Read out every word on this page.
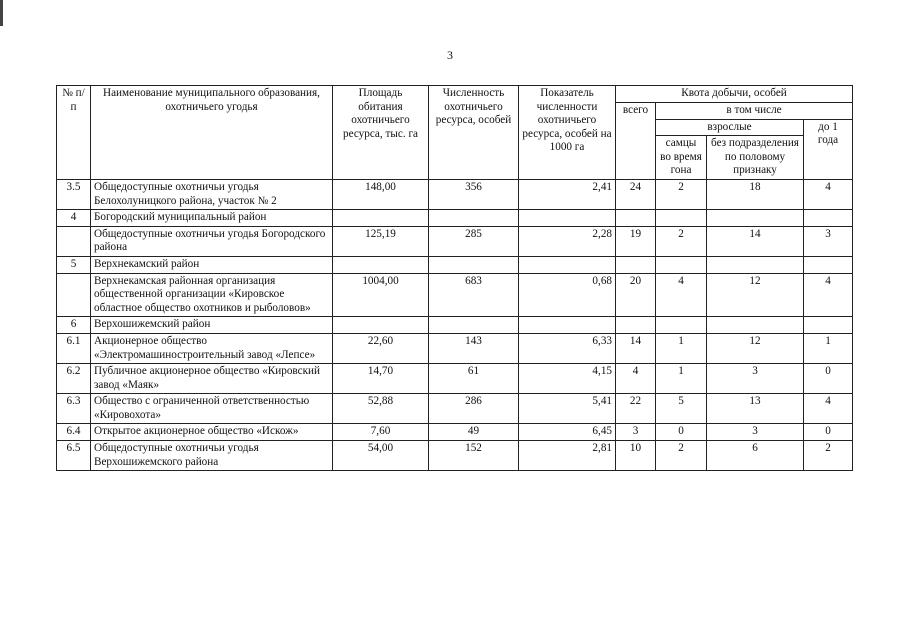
3
№ п/п	Наименование муниципального образования, охотничьего угодья	Площадь обитания охотничьего ресурса, тыс. га	Численность охотничьего ресурса, особей	Показатель численности охотничьего ресурса, особей на 1000 га	Квота добычи, особей			
					всего	в том числе		
						взрослые		до 1 года
						самцы во время гона	без подразделения по половому признаку	
3.5	Общедоступные охотничьи угодья Белохолуницкого района, участок № 2	148,00	356	2,41	24	2	18	4
4	Богородский муниципальный район							
	Общедоступные охотничьи угодья Богородского района	125,19	285	2,28	19	2	14	3
5	Верхнекамский район							
	Верхнекамская районная организация общественной организации «Кировское областное общество охотников и рыболовов»	1004,00	683	0,68	20	4	12	4
6	Верхошижемский район							
6.1	Акционерное общество «Электромашиностроительный завод «Лепсе»	22,60	143	6,33	14	1	12	1
6.2	Публичное акционерное общество «Кировский завод «Маяк»	14,70	61	4,15	4	1	3	0
6.3	Общество с ограниченной ответственностью «Кировохота»	52,88	286	5,41	22	5	13	4
6.4	Открытое акционерное общество «Искож»	7,60	49	6,45	3	0	3	0
6.5	Общедоступные охотничьи угодья Верхошижемского района	54,00	152	2,81	10	2	6	2
